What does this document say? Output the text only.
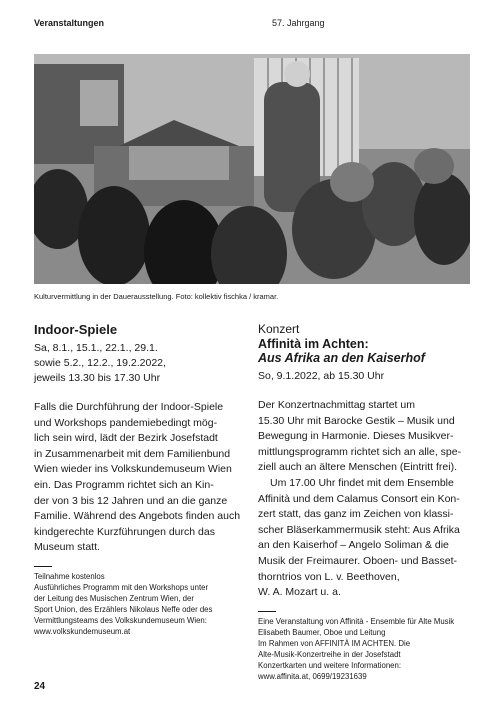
Veranstaltungen	57. Jahrgang
Kulturvermittlung in der Dauerausstellung. Foto: kollektiv fischka / kramar.
Indoor-Spiele
Sa, 8.1., 15.1., 22.1., 29.1.
sowie 5.2., 12.2., 19.2.2022,
jeweils 13.30 bis 17.30 Uhr

Falls die Durchführung der Indoor-Spiele
und Workshops pandemiebedingt mög-
lich sein wird, lädt der Bezirk Josefstadt
in Zusammenarbeit mit dem Familienbund
Wien wieder ins Volkskundemuseum Wien
ein. Das Programm richtet sich an Kin-
der von 3 bis 12 Jahren und an die ganze
Familie. Während des Angebots finden auch
kindgerechte Kurzführungen durch das
Museum statt.

Teilnahme kostenlos
Ausführliches Programm mit den Workshops unter
der Leitung des Musischen Zentrum Wien, der
Sport Union, des Erzählers Nikolaus Neffe oder des
Vermittlungsteams des Volkskundemuseum Wien:
www.volkskundemuseum.at

Konzert

Affinità im Achten:
Aus Afrika an den Kaiserhof
So, 9.1.2022, ab 15.30 Uhr

Der Konzertnachmittag startet um
15.30 Uhr mit Barocke Gestik – Musik und
Bewegung in Harmonie. Dieses Musikver-
mittlungsprogramm richtet sich an alle, spe-
ziell auch an ältere Menschen (Eintritt frei).
Um 17.00 Uhr findet mit dem Ensemble
Affinità und dem Calamus Consort ein Kon-
zert statt, das ganz im Zeichen von klassi-
scher Bläserkammermusik steht: Aus Afrika
an den Kaiserhof – Angelo Soliman & die
Musik der Freimaurer. Oboen- und Basset-
thorntrios von L. v. Beethoven,
W. A. Mozart u. a.

Eine Veranstaltung von Affinità - Ensemble für Alte Musik
Elisabeth Baumer, Oboe und Leitung
Im Rahmen von AFFINITÀ IM ACHTEN. Die
Alte-Musik-Konzertreihe in der Josefstadt
Konzertkarten und weitere Informationen:
www.affinita.at, 0699/19231639

24
